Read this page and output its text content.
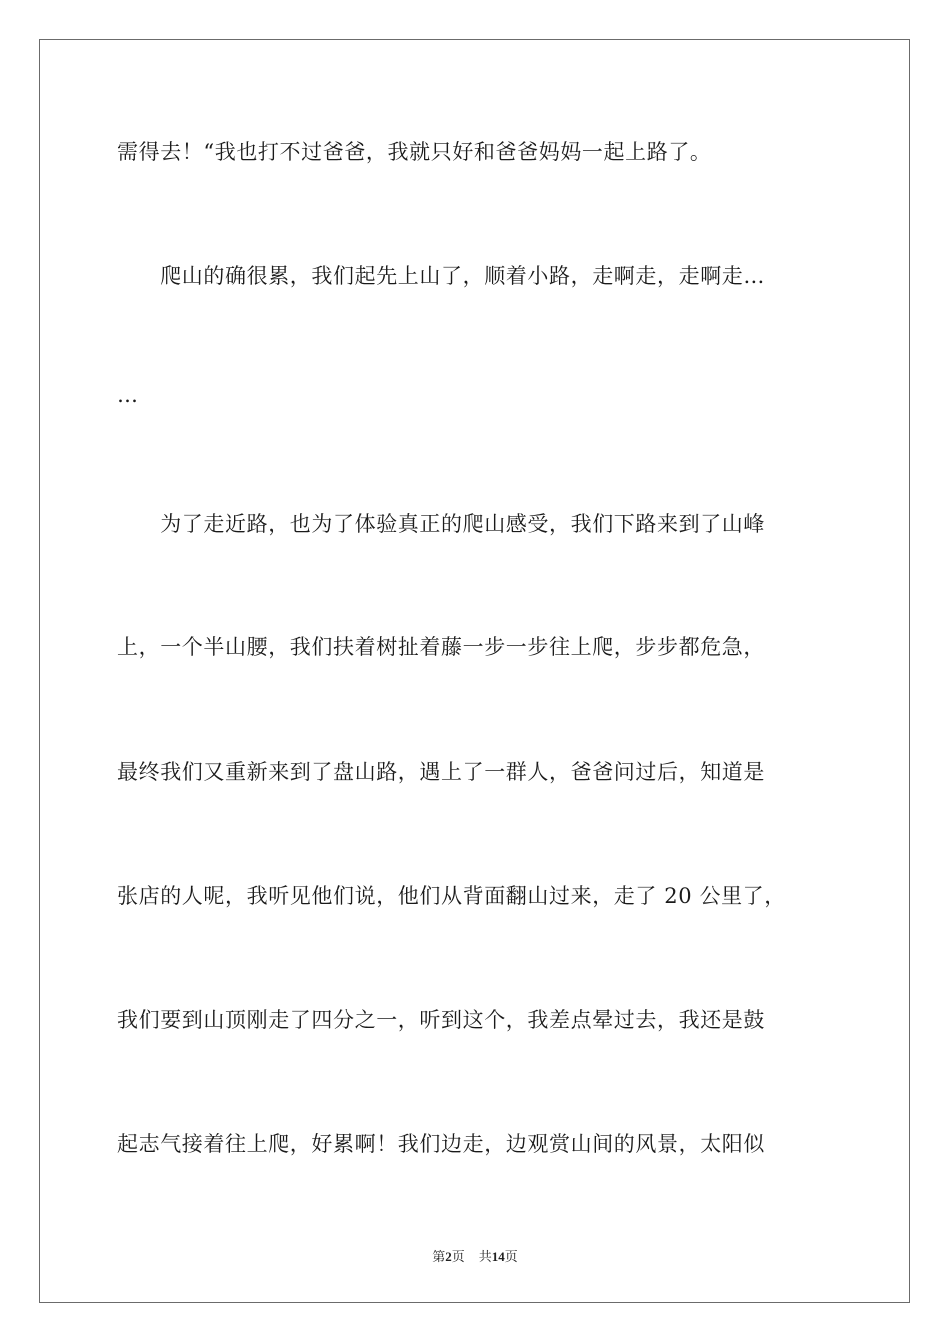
需得去！“我也打不过爸爸，我就只好和爸爸妈妈一起上路了。
　　爬山的确很累，我们起先上山了，顺着小路，走啊走，走啊走…
…
　　为了走近路，也为了体验真正的爬山感受，我们下路来到了山峰
上，一个半山腰，我们扶着树扯着藤一步一步往上爬，步步都危急，
最终我们又重新来到了盘山路，遇上了一群人，爸爸问过后，知道是
张店的人呢，我听见他们说，他们从背面翻山过来，走了 20 公里了，
我们要到山顶刚走了四分之一，听到这个，我差点晕过去，我还是鼓
起志气接着往上爬，好累啊！我们边走，边观赏山间的风景，太阳似
第2页 共14页
